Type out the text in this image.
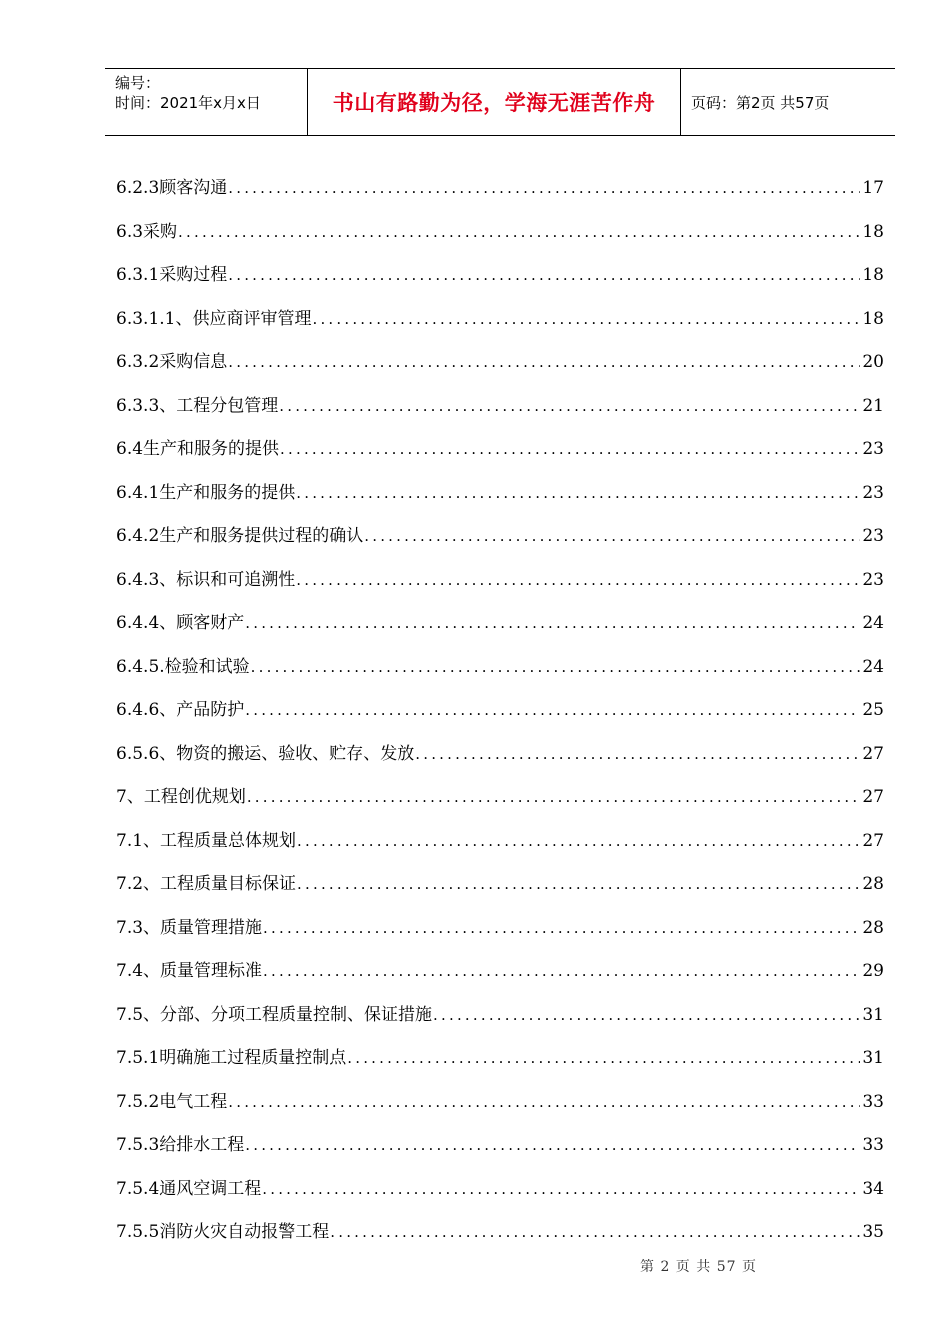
编号：
时间：2021年x月x日	书山有路勤为径，学海无涯苦作舟	页码：第2页 共57页
6.2.3顾客沟通 .....	17
6.3采购 .....	18
6.3.1采购过程 .....	18
6.3.1.1、供应商评审管理 .....	18
6.3.2采购信息 .....	20
6.3.3、工程分包管理 .....	21
6.4生产和服务的提供 .....	23
6.4.1生产和服务的提供 .....	23
6.4.2生产和服务提供过程的确认 .....	23
6.4.3、标识和可追溯性 .....	23
6.4.4、顾客财产 .....	24
6.4.5.检验和试验 .....	24
6.4.6、产品防护 .....	25
6.5.6、物资的搬运、验收、贮存、发放 .....	27
7、工程创优规划 .....	27
7.1、工程质量总体规划 .....	27
7.2、工程质量目标保证 .....	28
7.3、质量管理措施 .....	28
7.4、质量管理标准 .....	29
7.5、分部、分项工程质量控制、保证措施 .....	31
7.5.1明确施工过程质量控制点 .....	31
7.5.2电气工程 .....	33
7.5.3给排水工程 .....	33
7.5.4通风空调工程 .....	34
7.5.5消防火灾自动报警工程 .....	35
第 2 页 共 57 页
